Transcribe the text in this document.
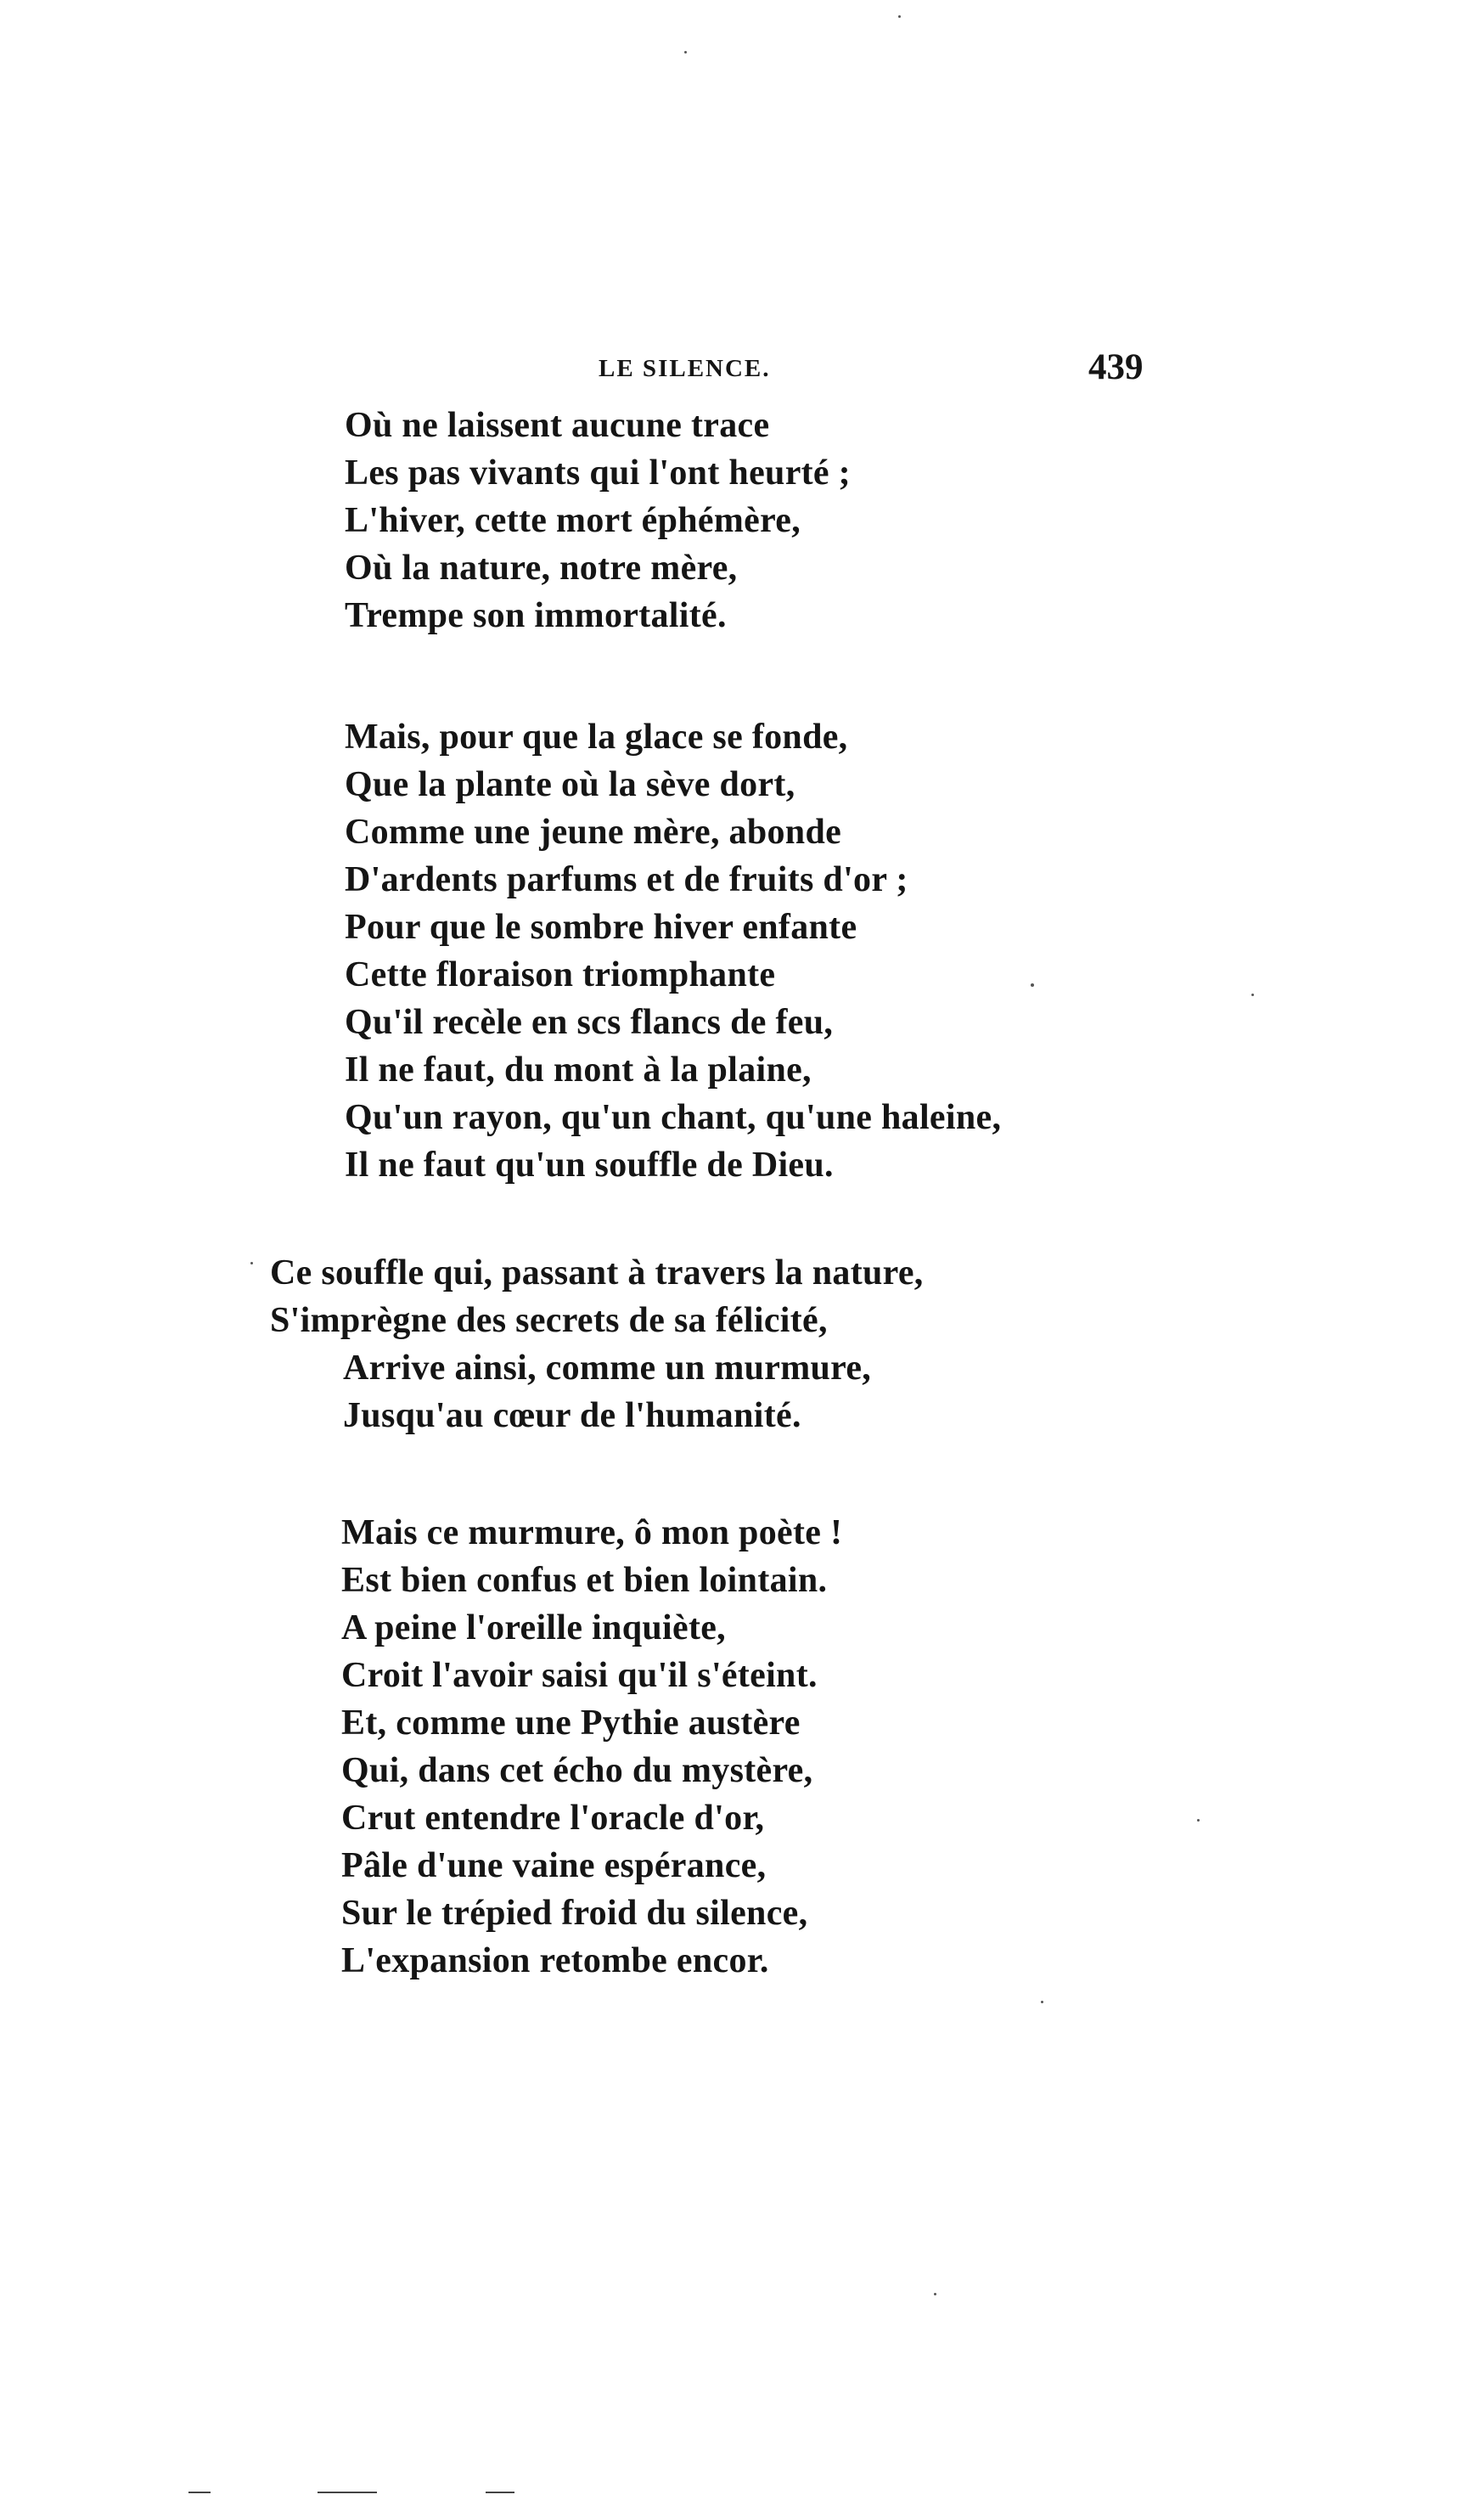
LE SILENCE.	439
Où ne laissent aucune trace
Les pas vivants qui l'ont heurté ;
L'hiver, cette mort éphémère,
Où la nature, notre mère,
Trempe son immortalité.
Mais, pour que la glace se fonde,
Que la plante où la sève dort,
Comme une jeune mère, abonde
D'ardents parfums et de fruits d'or ;
Pour que le sombre hiver enfante
Cette floraison triomphante
Qu'il recèle en scs flancs de feu,
Il ne faut, du mont à la plaine,
Qu'un rayon, qu'un chant, qu'une haleine,
Il ne faut qu'un souffle de Dieu.
Ce souffle qui, passant à travers la nature,
S'imprègne des secrets de sa félicité,
Arrive ainsi, comme un murmure,
Jusqu'au cœur de l'humanité.
Mais ce murmure, ô mon poète !
Est bien confus et bien lointain.
A peine l'oreille inquiète,
Croit l'avoir saisi qu'il s'éteint.
Et, comme une Pythie austère
Qui, dans cet écho du mystère,
Crut entendre l'oracle d'or,
Pâle d'une vaine espérance,
Sur le trépied froid du silence,
L'expansion retombe encor.
